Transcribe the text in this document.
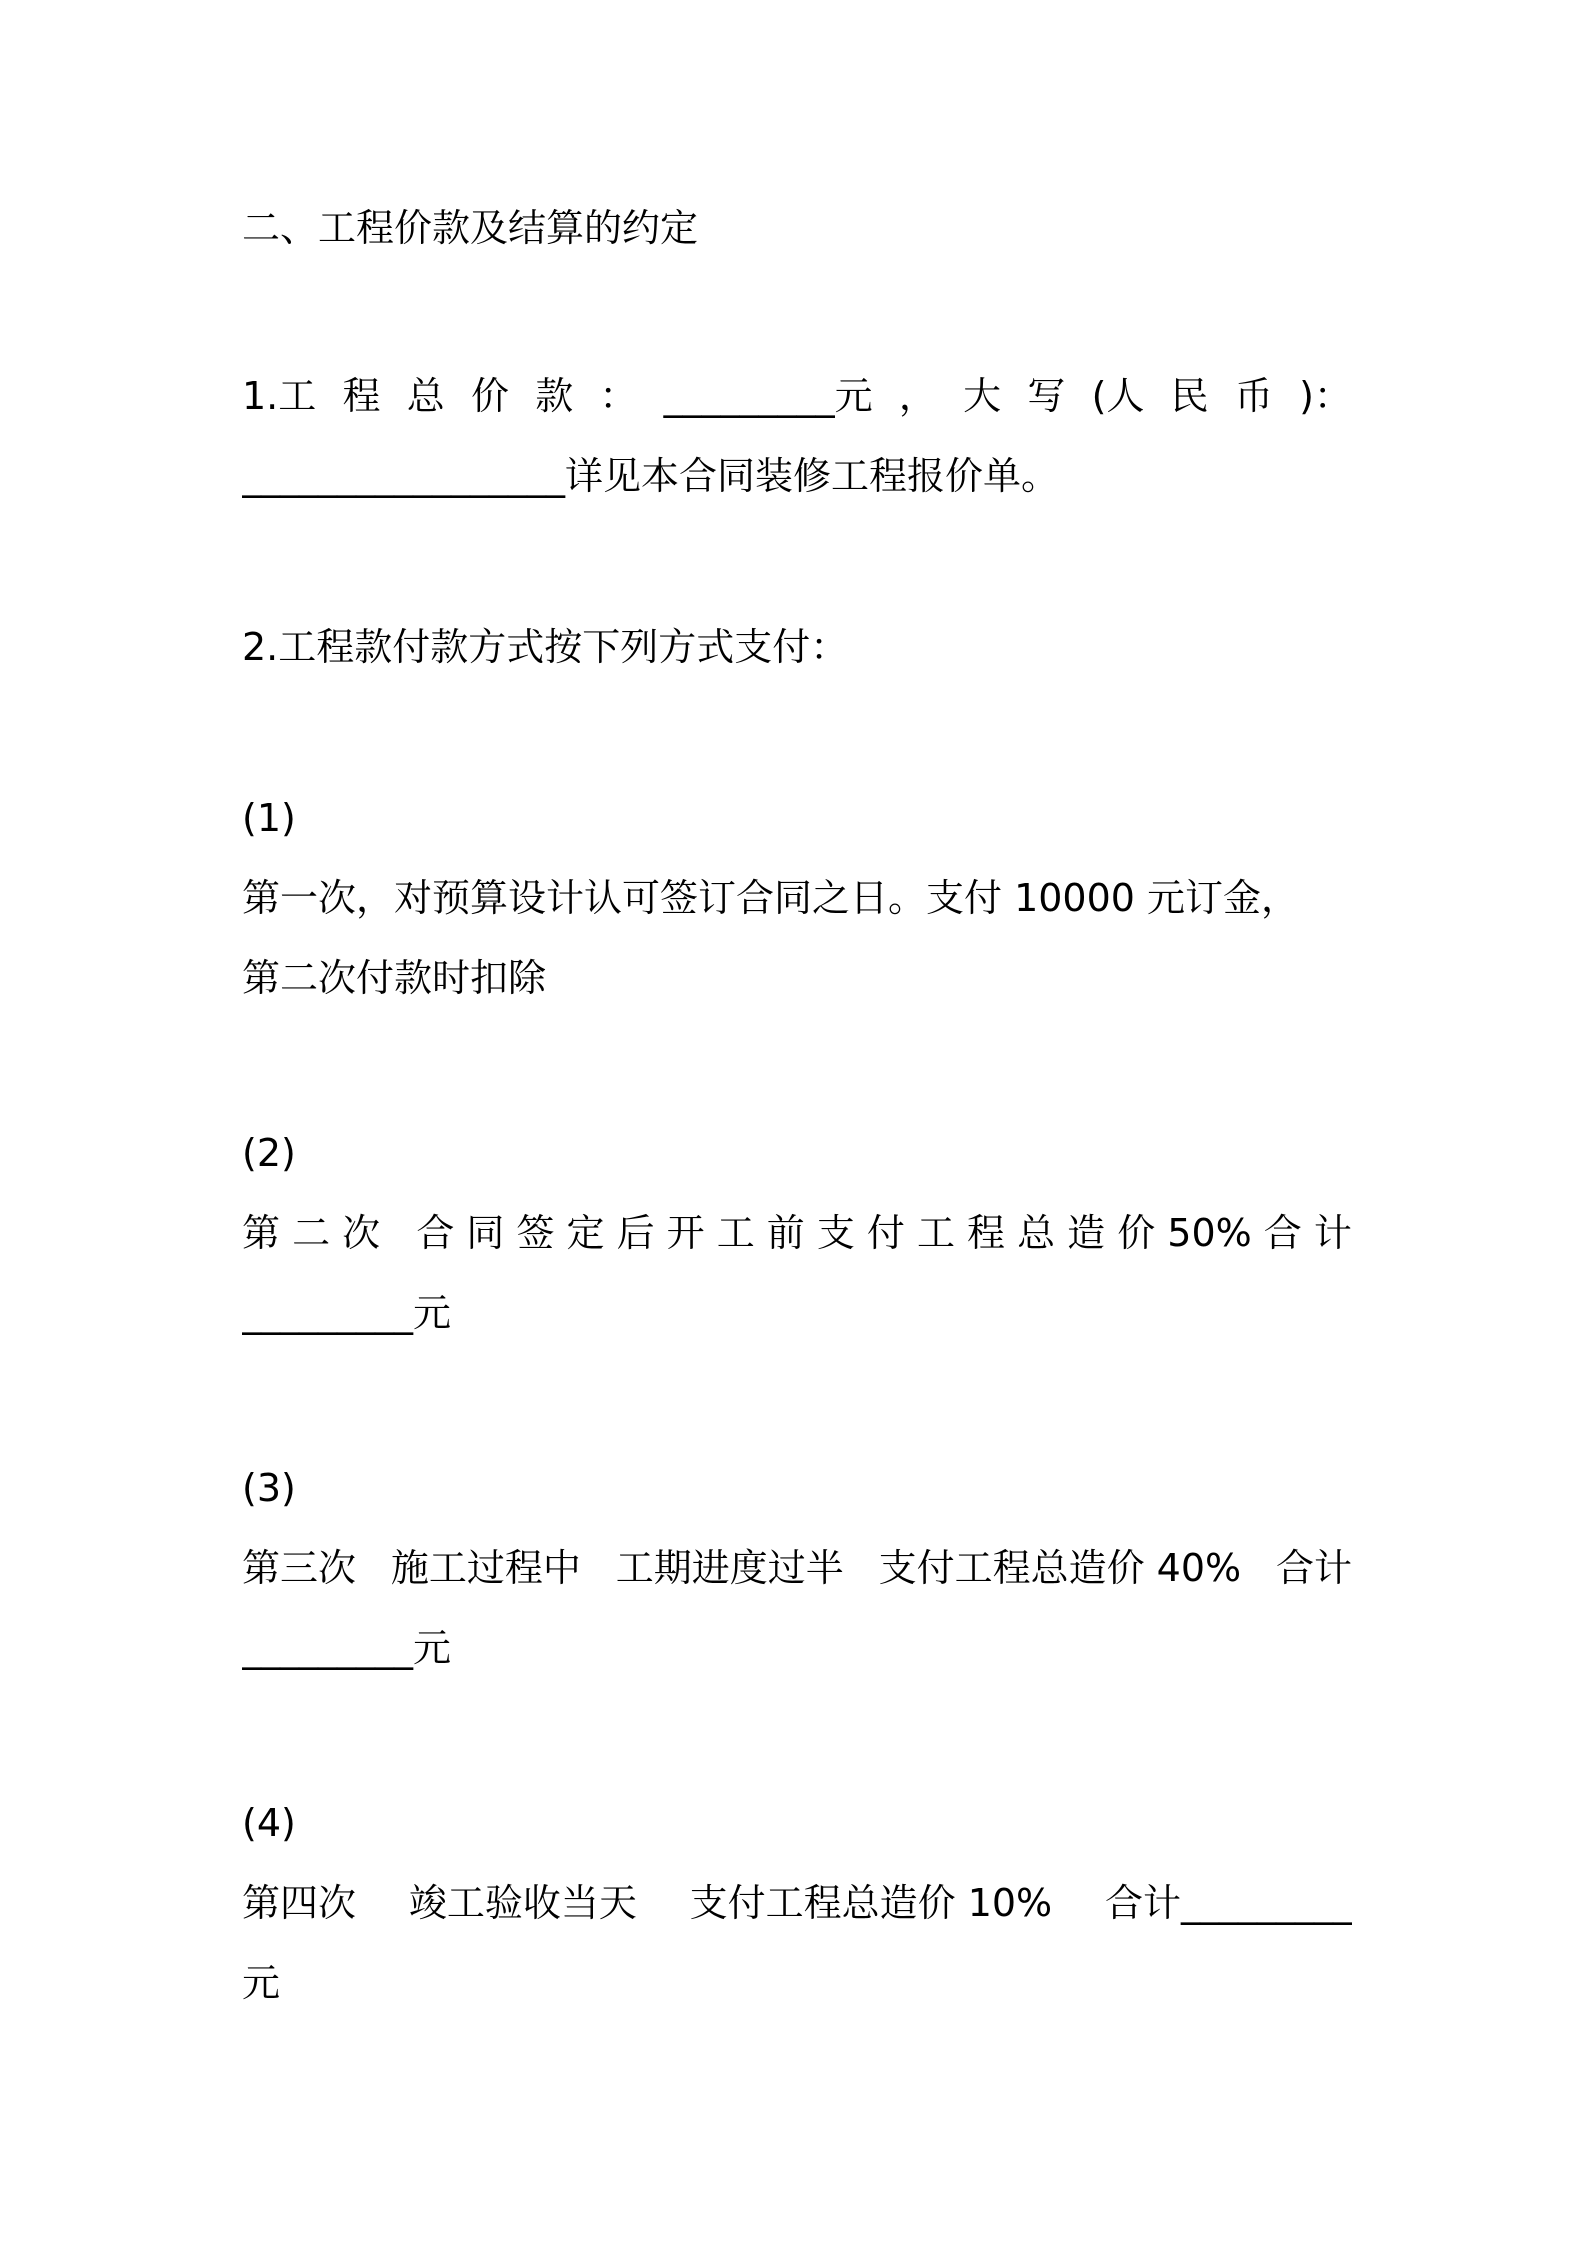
二、工程价款及结算的约定
1.工 程 总 价 款 ： _________元 ， 大 写 (人 民 币 )：
_________________详见本合同装修工程报价单。
2.工程款付款方式按下列方式支付：
(1)
第一次，对预算设计认可签订合同之日。支付 10000 元订金，
第二次付款时扣除
(2)
第 二 次
合 同 签 定 后 开 工 前 支 付 工 程 总 造 价 50% 合 计
_________元
(3)
第三次 施工过程中 工期进度过半 支付工程总造价 40% 合计
_________元
(4)
第四次 竣工验收当天 支付工程总造价 10% 合计_________
元
